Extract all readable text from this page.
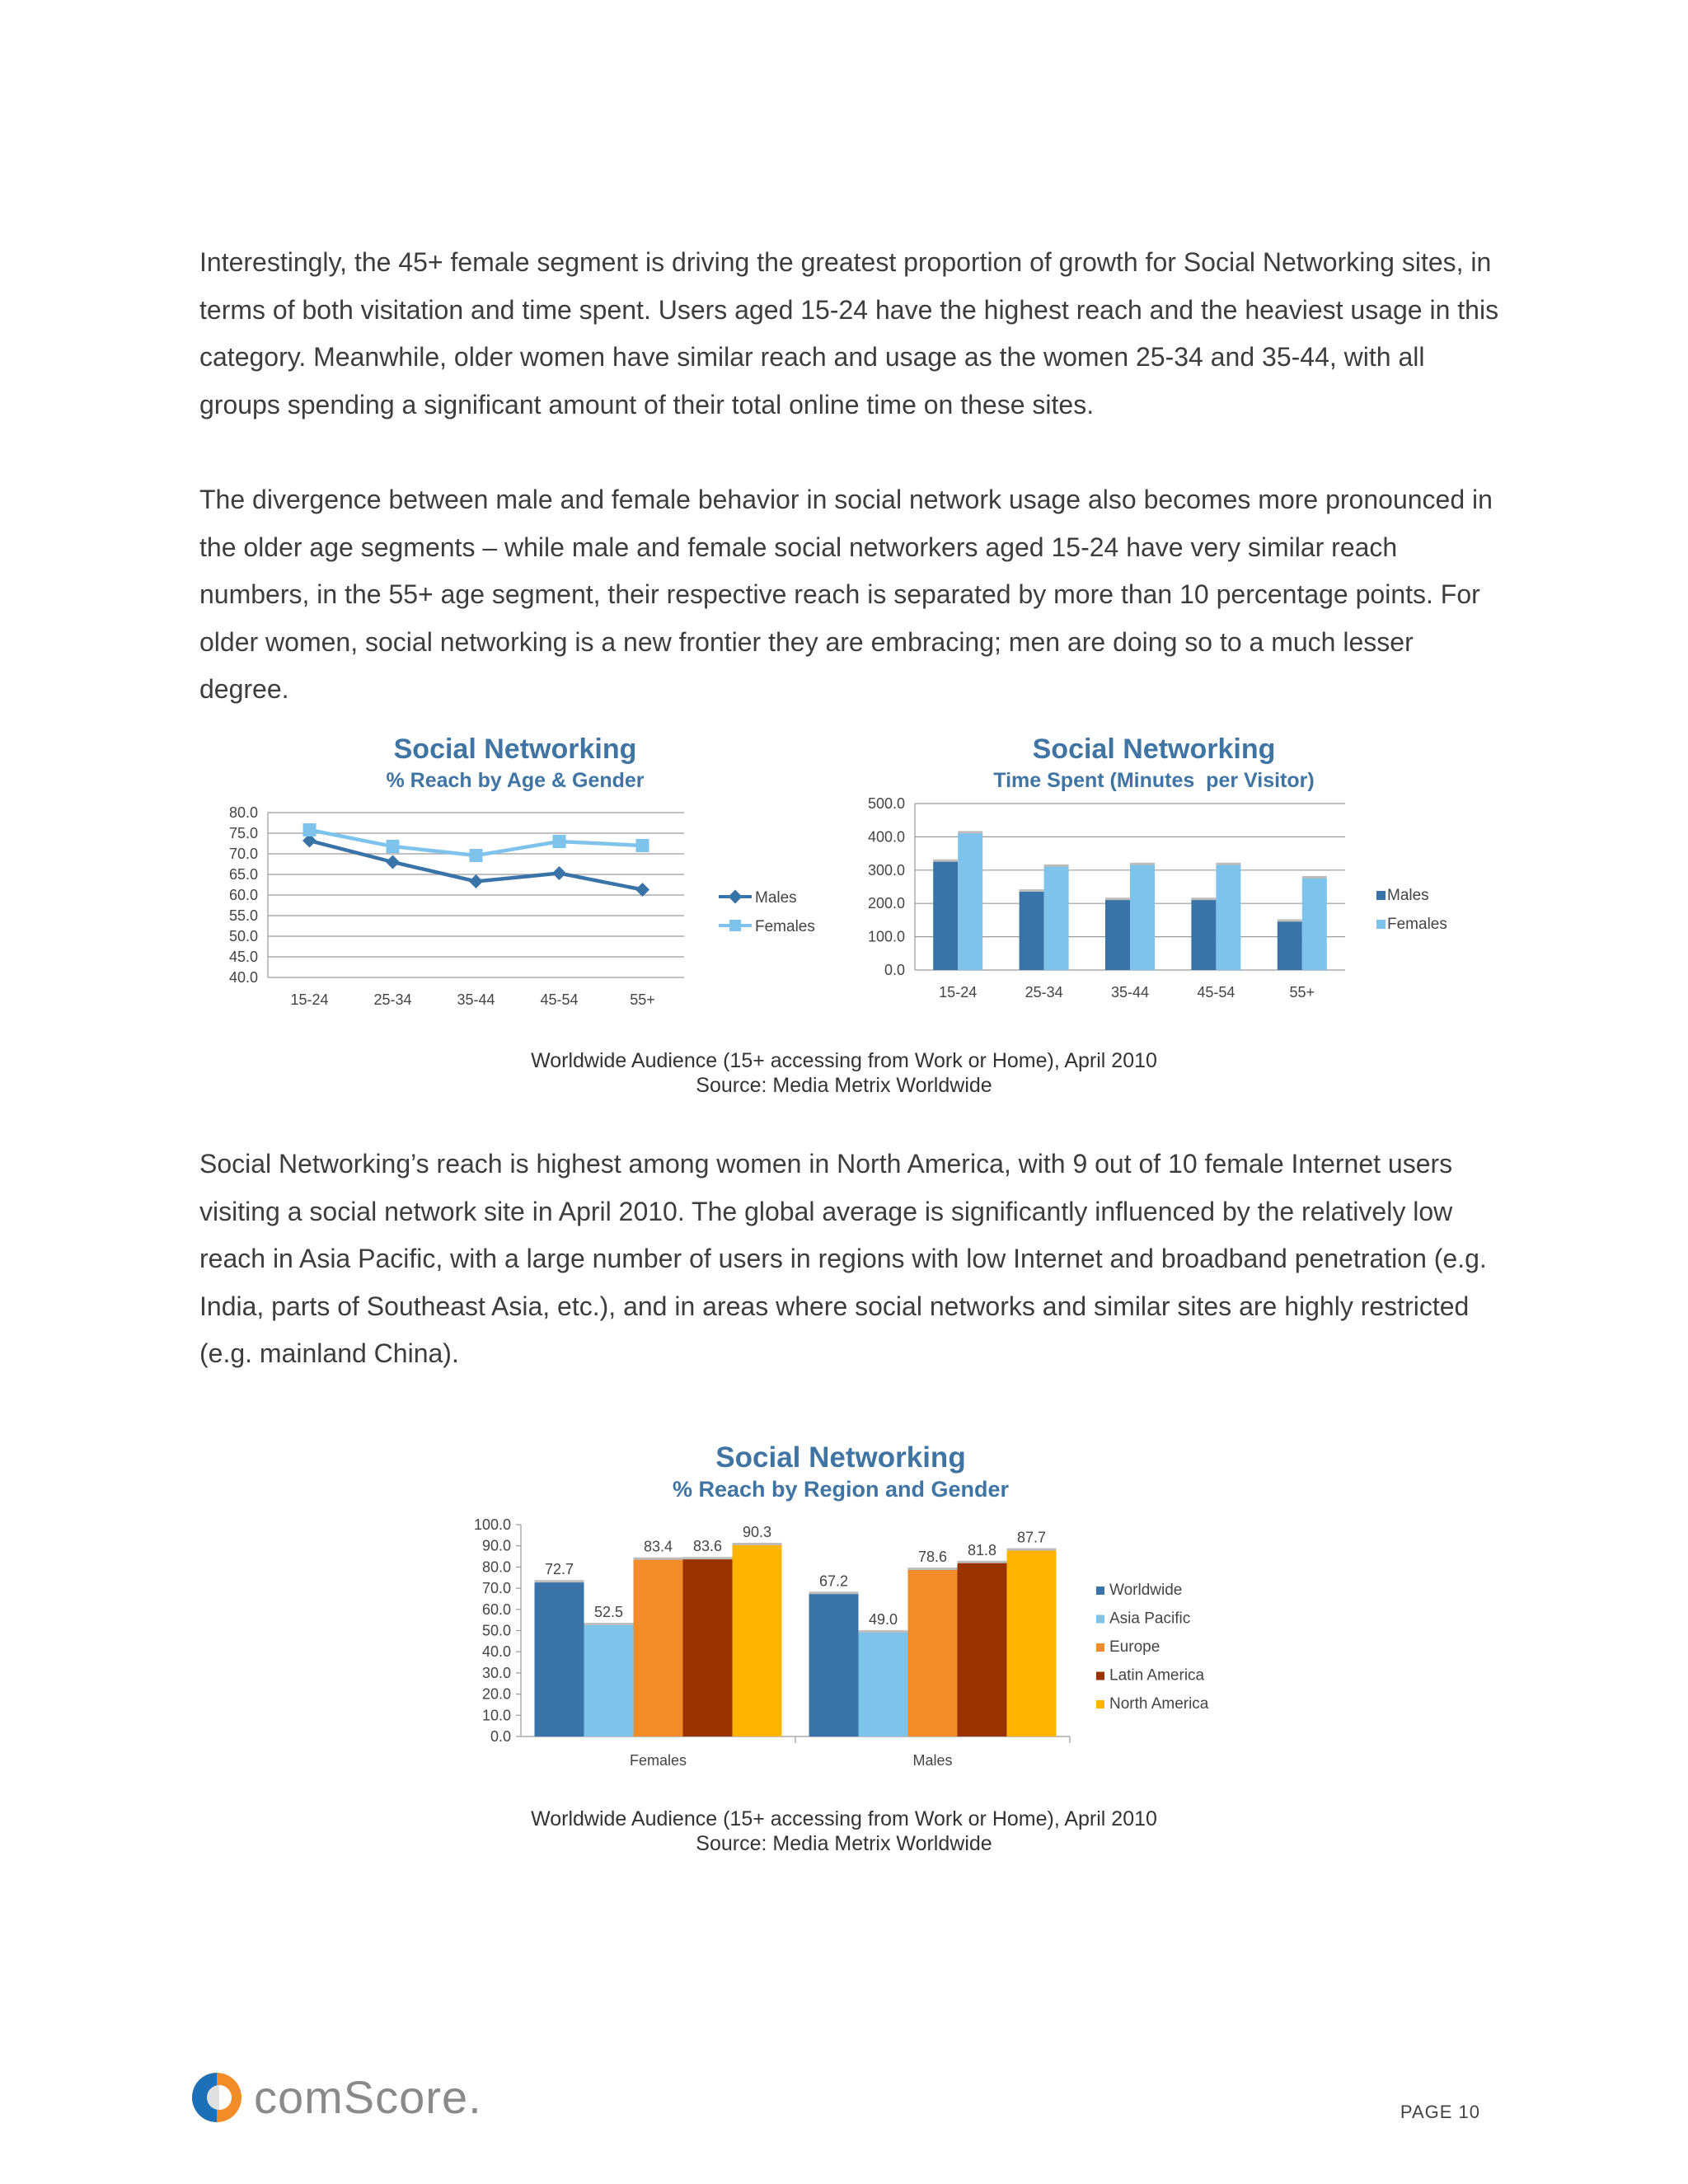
Interestingly, the 45+ female segment is driving the greatest proportion of growth for Social Networking sites, in terms of both visitation and time spent. Users aged 15-24 have the highest reach and the heaviest usage in this category. Meanwhile, older women have similar reach and usage as the women 25-34 and 35-44, with all groups spending a significant amount of their total online time on these sites.

The divergence between male and female behavior in social network usage also becomes more pronounced in the older age segments – while male and female social networkers aged 15-24 have very similar reach numbers, in the 55+ age segment, their respective reach is separated by more than 10 percentage points. For older women, social networking is a new frontier they are embracing; men are doing so to a much lesser degree.

Social Networking
% Reach by Age & Gender
40.0
45.0
50.0
55.0
60.0
65.0
70.0
75.0
80.0
15-24	25-34	35-44	45-54	55+
Males
Females
Social Networking
Time Spent (Minutes  per Visitor)
0.0
100.0
200.0
300.0
400.0
500.0
15-24	25-34	35-44	45-54	55+
Males
Females
Worldwide Audience (15+ accessing from Work or Home), April 2010
Source: Media Metrix Worldwide

Social Networking’s reach is highest among women in North America, with 9 out of 10 female Internet users visiting a social network site in April 2010. The global average is significantly influenced by the relatively low reach in Asia Pacific, with a large number of users in regions with low Internet and broadband penetration (e.g. India, parts of Southeast Asia, etc.), and in areas where social networks and similar sites are highly restricted (e.g. mainland China).

Social Networking
% Reach by Region and Gender
0.0
10.0
20.0
30.0
40.0
50.0
60.0
70.0
80.0
90.0
100.0
Females	Males
72.7
52.5
83.4 83.6
90.3
67.2
49.0
78.6 81.8
87.7
Worldwide
Asia Pacific
Europe
Latin America
North America
Worldwide Audience (15+ accessing from Work or Home), April 2010
Source: Media Metrix Worldwide
comScore.	PAGE 10
